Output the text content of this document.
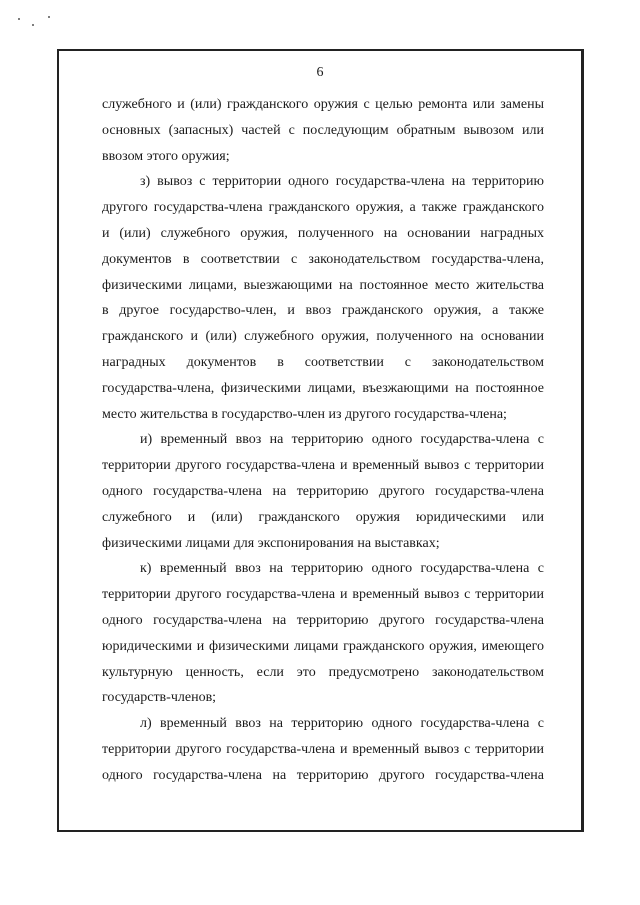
6

служебного и (или) гражданского оружия с целью ремонта или замены
основных (запасных) частей с последующим обратным вывозом или
ввозом этого оружия;

з) вывоз с территории одного государства-члена на территорию
другого государства-члена гражданского оружия, а также гражданского
и (или) служебного оружия, полученного на основании наградных
документов в соответствии с законодательством государства-члена,
физическими лицами, выезжающими на постоянное место жительства
в другое государство-член, и ввоз гражданского оружия, а также
гражданского и (или) служебного оружия, полученного на основании
наградных документов в соответствии с законодательством
государства-члена, физическими лицами, въезжающими на постоянное
место жительства в государство-член из другого государства-члена;

и) временный ввоз на территорию одного государства-члена с
территории другого государства-члена и временный вывоз с территории
одного государства-члена на территорию другого государства-члена
служебного и (или) гражданского оружия юридическими или
физическими лицами для экспонирования на выставках;

к) временный ввоз на территорию одного государства-члена с
территории другого государства-члена и временный вывоз с территории
одного государства-члена на территорию другого государства-члена
юридическими и физическими лицами гражданского оружия, имеющего
культурную ценность, если это предусмотрено законодательством
государств-членов;

л) временный ввоз на территорию одного государства-члена с
территории другого государства-члена и временный вывоз с территории
одного государства-члена на территорию другого государства-члена
